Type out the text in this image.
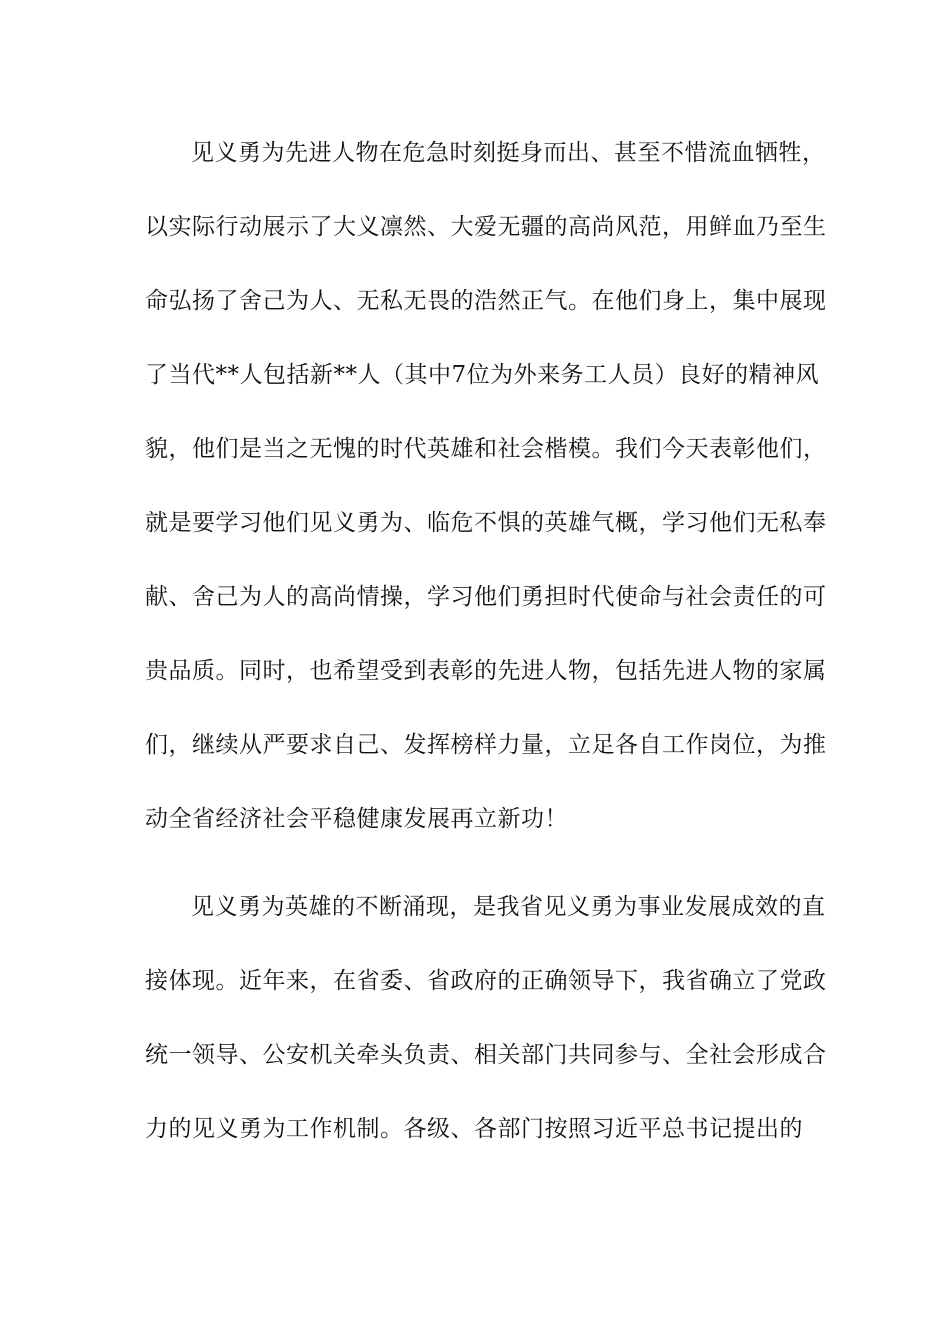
见义勇为先进人物在危急时刻挺身而出、甚至不惜流血牺牲，
以实际行动展示了大义凛然、大爱无疆的高尚风范，用鲜血乃至生
命弘扬了舍己为人、无私无畏的浩然正气。在他们身上，集中展现
了当代**人包括新**人（其中7位为外来务工人员）良好的精神风
貌，他们是当之无愧的时代英雄和社会楷模。我们今天表彰他们，
就是要学习他们见义勇为、临危不惧的英雄气概，学习他们无私奉
献、舍己为人的高尚情操，学习他们勇担时代使命与社会责任的可
贵品质。同时，也希望受到表彰的先进人物，包括先进人物的家属
们，继续从严要求自己、发挥榜样力量，立足各自工作岗位，为推
动全省经济社会平稳健康发展再立新功！
见义勇为英雄的不断涌现，是我省见义勇为事业发展成效的直
接体现。近年来，在省委、省政府的正确领导下，我省确立了党政
统一领导、公安机关牵头负责、相关部门共同参与、全社会形成合
力的见义勇为工作机制。各级、各部门按照习近平总书记提出的
